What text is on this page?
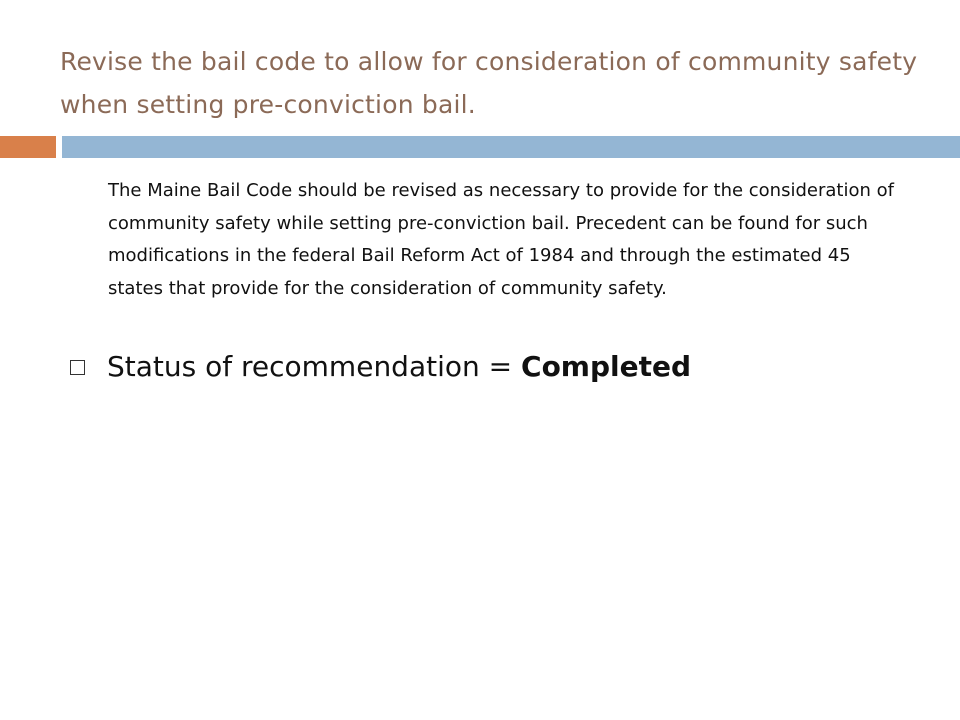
Revise the bail code to allow for consideration of community safety when setting pre-conviction bail.

The Maine Bail Code should be revised as necessary to provide for the consideration of community safety while setting pre-conviction bail. Precedent can be found for such modifications in the federal Bail Reform Act of 1984 and through the estimated 45 states that provide for the consideration of community safety.

Status of recommendation = Completed
